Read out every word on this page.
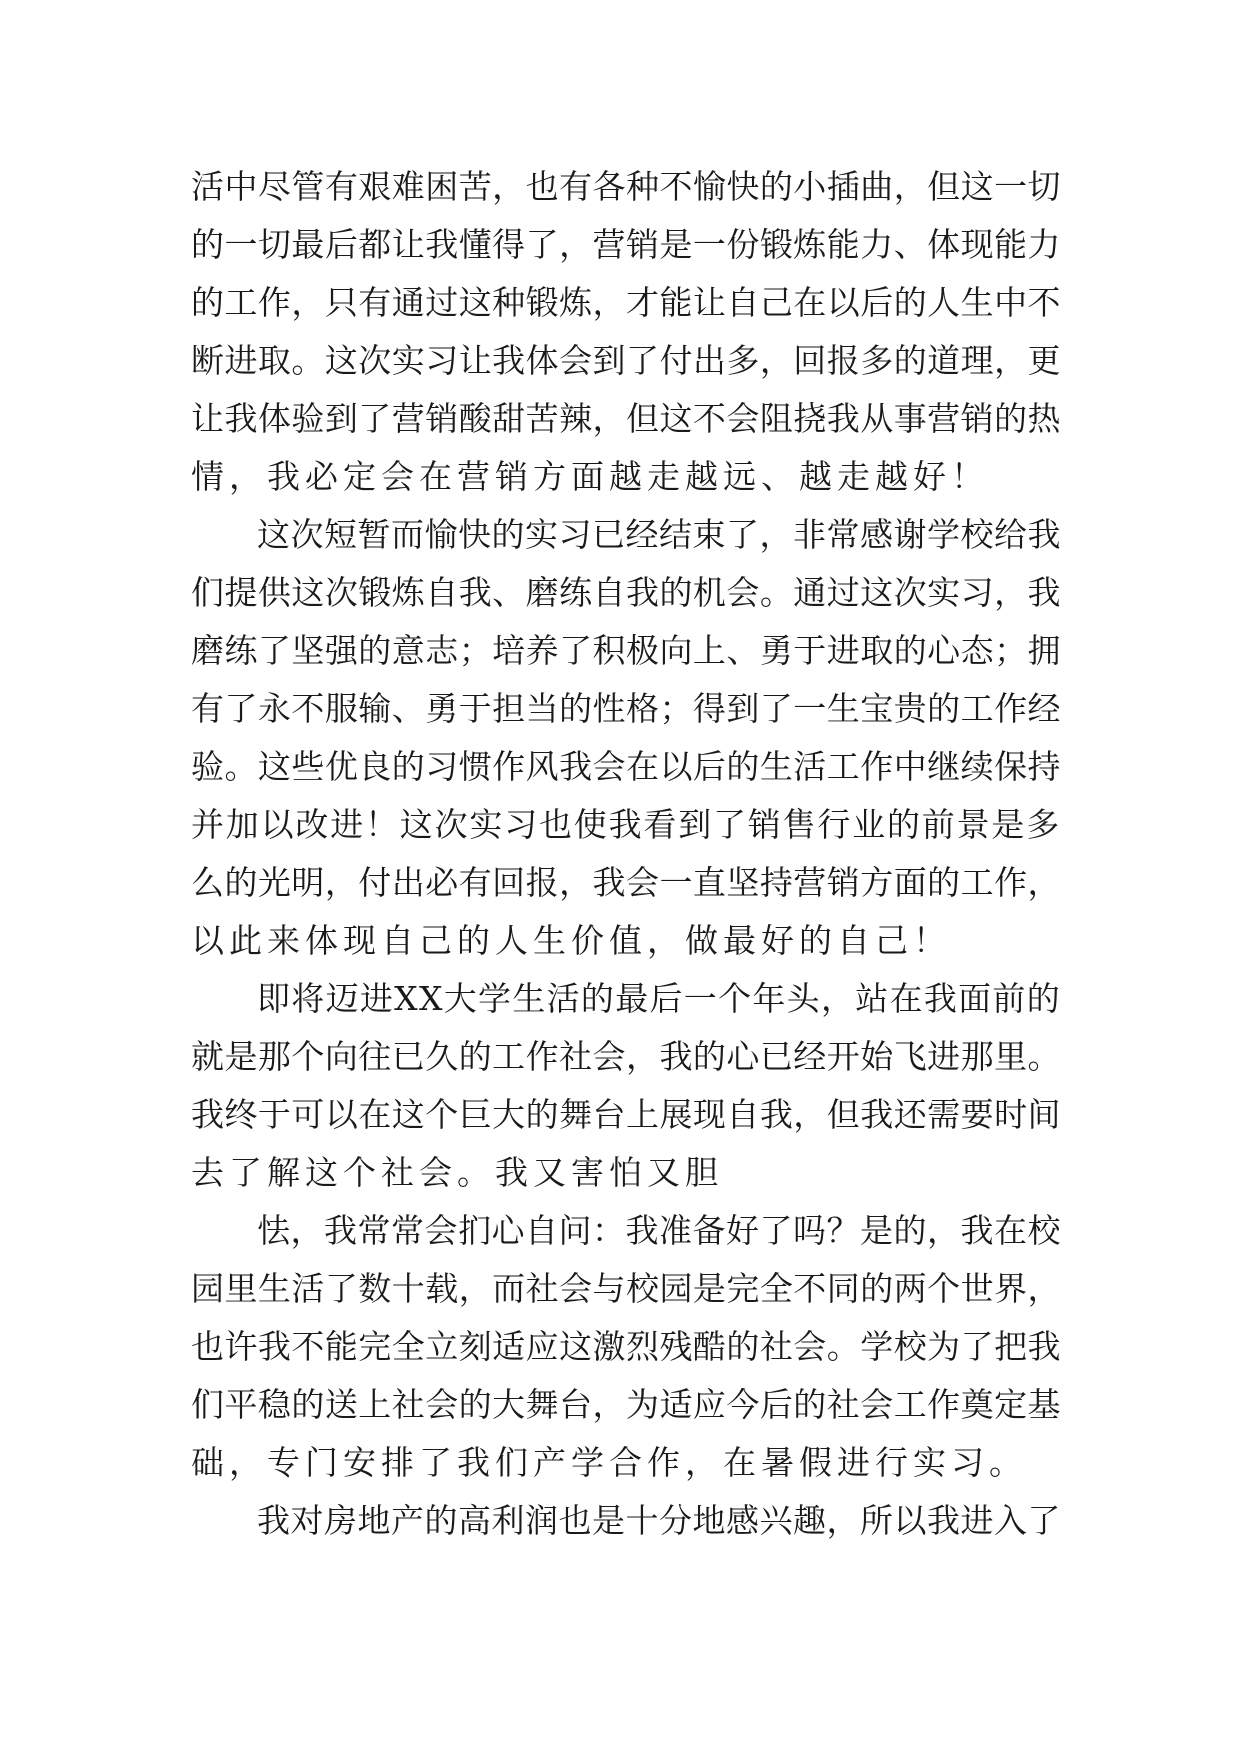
活中尽管有艰难困苦，也有各种不愉快的小插曲，但这一切
的一切最后都让我懂得了，营销是一份锻炼能力、体现能力
的工作，只有通过这种锻炼，才能让自己在以后的人生中不
断进取。这次实习让我体会到了付出多，回报多的道理，更
让我体验到了营销酸甜苦辣，但这不会阻挠我从事营销的热
情，我必定会在营销方面越走越远、越走越好！
这次短暂而愉快的实习已经结束了，非常感谢学校给我
们提供这次锻炼自我、磨练自我的机会。通过这次实习，我
磨练了坚强的意志；培养了积极向上、勇于进取的心态；拥
有了永不服输、勇于担当的性格；得到了一生宝贵的工作经
验。这些优良的习惯作风我会在以后的生活工作中继续保持
并加以改进！这次实习也使我看到了销售行业的前景是多
么的光明，付出必有回报，我会一直坚持营销方面的工作，
以此来体现自己的人生价值，做最好的自己！
即将迈进XX大学生活的最后一个年头，站在我面前的
就是那个向往已久的工作社会，我的心已经开始飞进那里。
我终于可以在这个巨大的舞台上展现自我，但我还需要时间
去了解这个社会。我又害怕又胆
怯，我常常会扪心自问：我准备好了吗？是的，我在校
园里生活了数十载，而社会与校园是完全不同的两个世界，
也许我不能完全立刻适应这激烈残酷的社会。学校为了把我
们平稳的送上社会的大舞台，为适应今后的社会工作奠定基
础，专门安排了我们产学合作，在暑假进行实习。
我对房地产的高利润也是十分地感兴趣，所以我进入了
